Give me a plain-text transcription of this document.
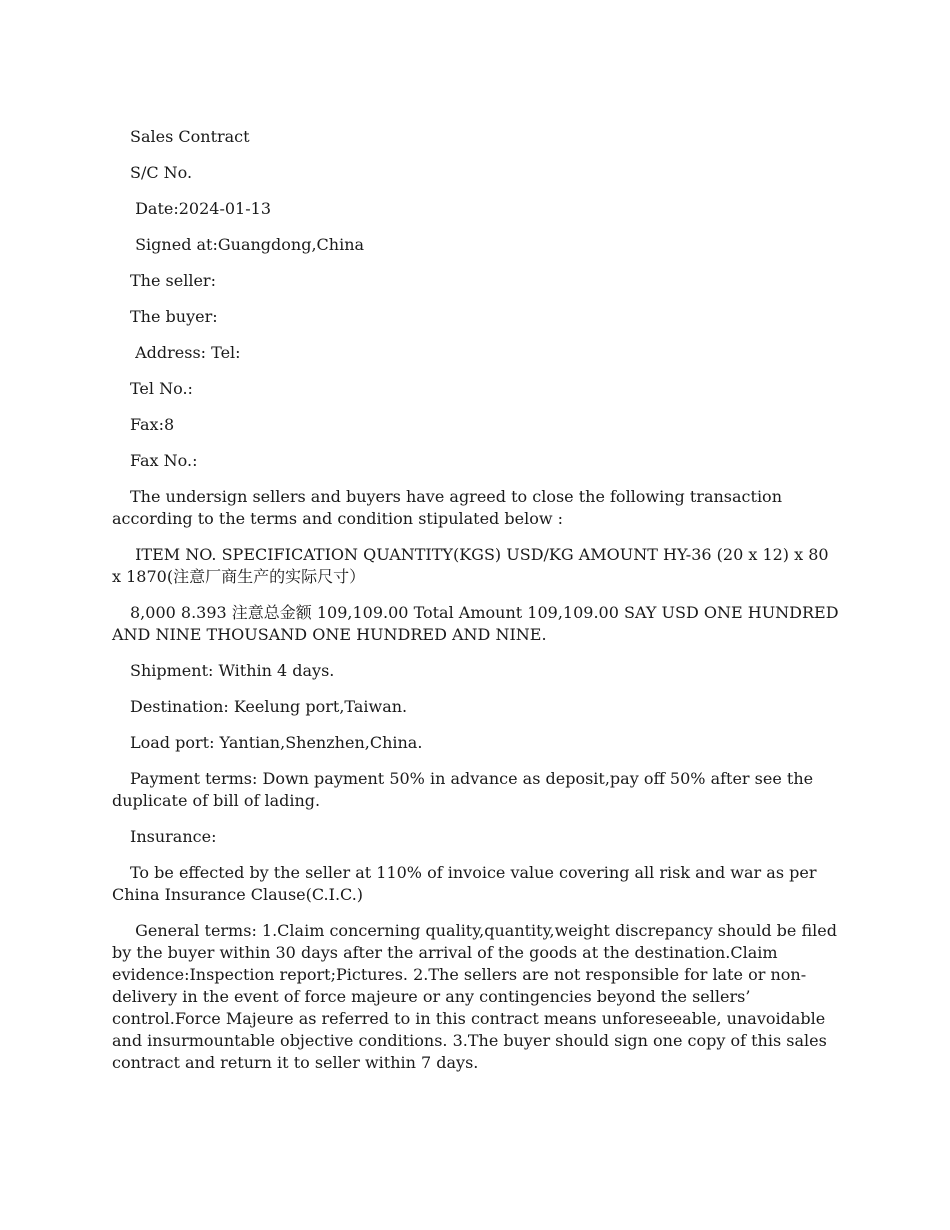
Sales Contract

S/C No.

Date:2024-01-13

Signed at:Guangdong,China

The seller:

The buyer:

Address: Tel:

Tel No.:

Fax:8

Fax No.:

The undersign sellers and buyers have agreed to close the following transaction according to the terms and condition stipulated below :

ITEM NO. SPECIFICATION QUANTITY(KGS) USD/KG AMOUNT HY-36 (20 x 12) x 80 x 1870(注意厂商生产的实际尺寸）

8,000 8.393 注意总金额 109,109.00 Total Amount 109,109.00 SAY USD ONE HUNDRED AND NINE THOUSAND ONE HUNDRED AND NINE.

Shipment: Within 4 days.

Destination: Keelung port,Taiwan.

Load port: Yantian,Shenzhen,China.

Payment terms: Down payment 50% in advance as deposit,pay off 50% after see the duplicate of bill of lading.

Insurance:

To be effected by the seller at 110% of invoice value covering all risk and war as per China Insurance Clause(C.I.C.)

General terms: 1.Claim concerning quality,quantity,weight discrepancy should be filed by the buyer within 30 days after the arrival of the goods at the destination.Claim evidence:Inspection report;Pictures. 2.The sellers are not responsible for late or non-delivery in the event of force majeure or any contingencies beyond the sellers’ control.Force Majeure as referred to in this contract means unforeseeable, unavoidable and insurmountable objective conditions. 3.The buyer should sign one copy of this sales contract and return it to seller within 7 days.
